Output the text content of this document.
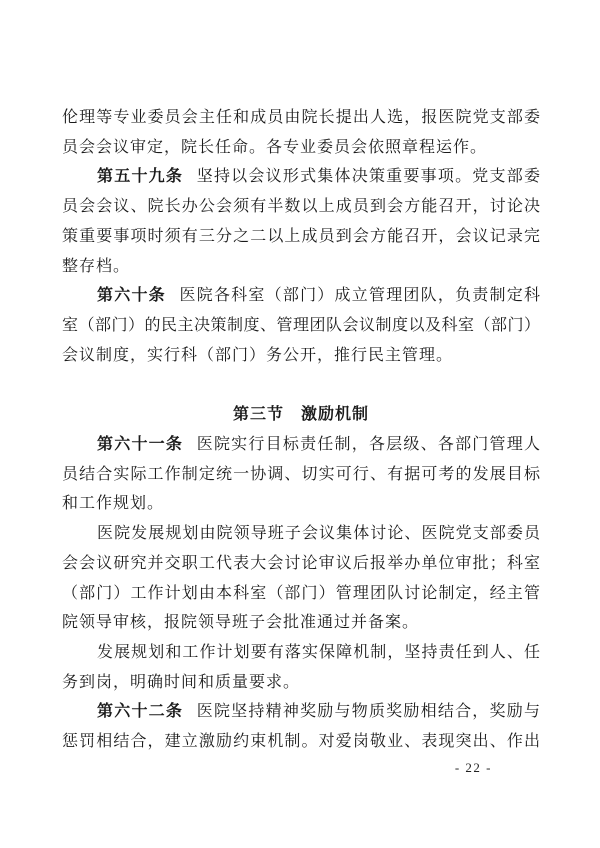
伦理等专业委员会主任和成员由院长提出人选，报医院党支部委
员会会议审定，院长任命。各专业委员会依照章程运作。
第五十九条 坚持以会议形式集体决策重要事项。党支部委
员会会议、院长办公会须有半数以上成员到会方能召开，讨论决
策重要事项时须有三分之二以上成员到会方能召开，会议记录完
整存档。
第六十条 医院各科室（部门）成立管理团队，负责制定科
室（部门）的民主决策制度、管理团队会议制度以及科室（部门）
会议制度，实行科（部门）务公开，推行民主管理。
第三节　激励机制
第六十一条 医院实行目标责任制，各层级、各部门管理人
员结合实际工作制定统一协调、切实可行、有据可考的发展目标
和工作规划。
医院发展规划由院领导班子会议集体讨论、医院党支部委员
会会议研究并交职工代表大会讨论审议后报举办单位审批；科室
（部门）工作计划由本科室（部门）管理团队讨论制定，经主管
院领导审核，报院领导班子会批准通过并备案。
发展规划和工作计划要有落实保障机制，坚持责任到人、任
务到岗，明确时间和质量要求。
第六十二条 医院坚持精神奖励与物质奖励相结合，奖励与
惩罚相结合，建立激励约束机制。对爱岗敬业、表现突出、作出
- 22 -
